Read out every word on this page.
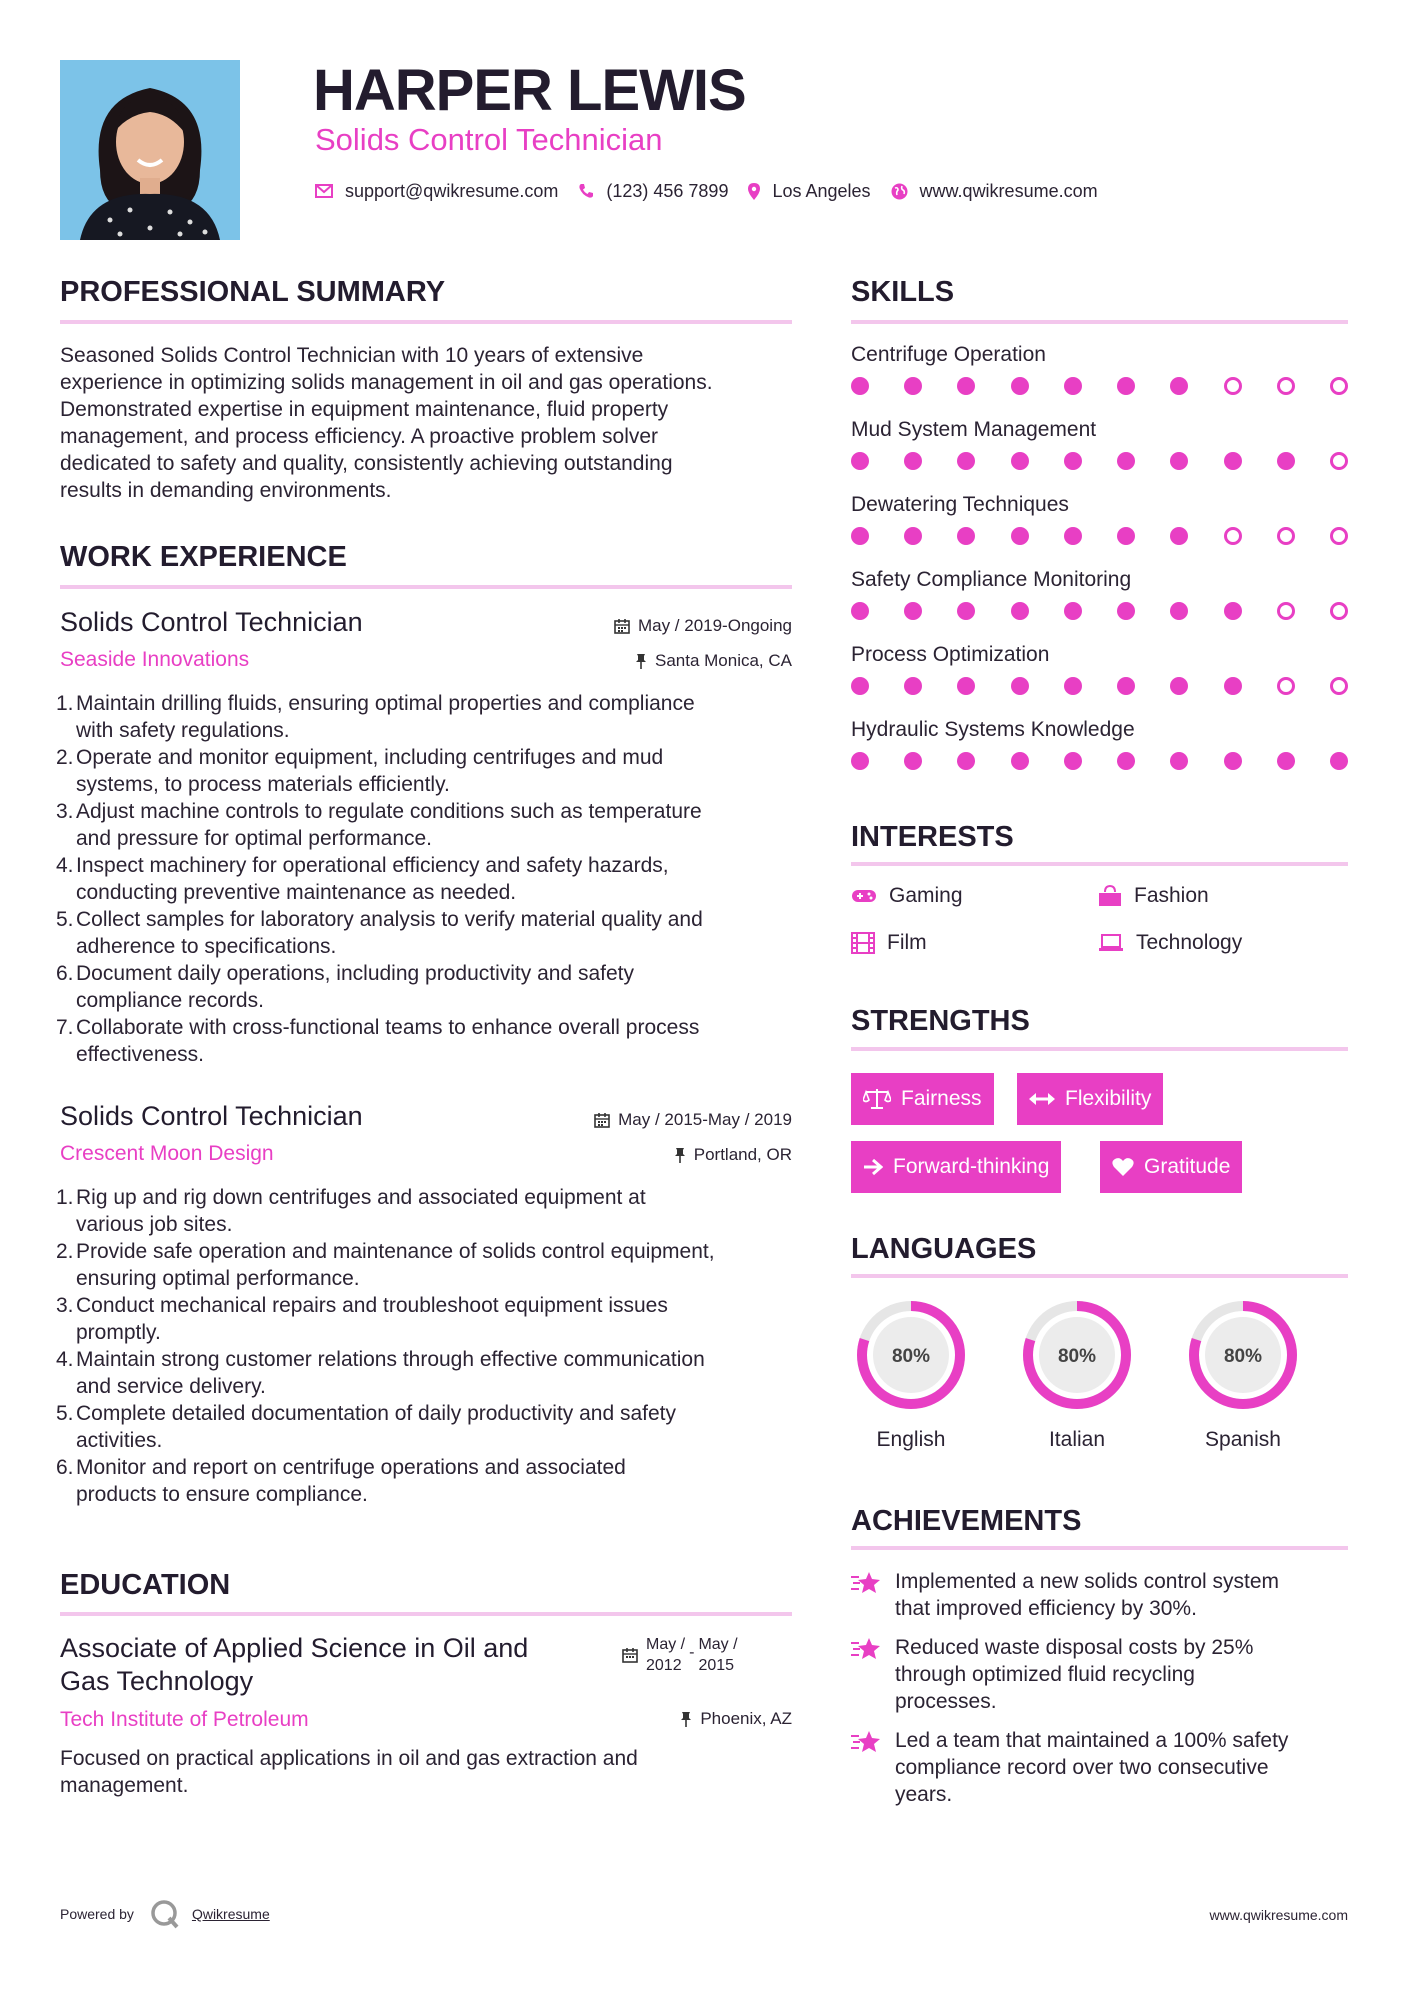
HARPER LEWIS
Solids Control Technician
support@qwikresume.com	(123) 456 7899 Los Angeles	www.qwikresume.com
PROFESSIONAL SUMMARY
Seasoned Solids Control Technician with 10 years of extensive
experience in optimizing solids management in oil and gas operations.
Demonstrated expertise in equipment maintenance, fluid property
management, and process efficiency. A proactive problem solver
dedicated to safety and quality, consistently achieving outstanding
results in demanding environments.
WORK EXPERIENCE
Solids Control Technician	May / 2019-Ongoing
Seaside Innovations	Santa Monica, CA
1. Maintain drilling fluids, ensuring optimal properties and compliance
with safety regulations.
2. Operate and monitor equipment, including centrifuges and mud
systems, to process materials efficiently.
3. Adjust machine controls to regulate conditions such as temperature
and pressure for optimal performance.
4. Inspect machinery for operational efficiency and safety hazards,
conducting preventive maintenance as needed.
5. Collect samples for laboratory analysis to verify material quality and
adherence to specifications.
6. Document daily operations, including productivity and safety
compliance records.
7. Collaborate with cross-functional teams to enhance overall process
effectiveness.
Solids Control Technician	May / 2015-May / 2019
Crescent Moon Design	Portland, OR
1. Rig up and rig down centrifuges and associated equipment at
various job sites.
2. Provide safe operation and maintenance of solids control equipment,
ensuring optimal performance.
3. Conduct mechanical repairs and troubleshoot equipment issues
promptly.
4. Maintain strong customer relations through effective communication
and service delivery.
5. Complete detailed documentation of daily productivity and safety
activities.
6. Monitor and report on centrifuge operations and associated
products to ensure compliance.
EDUCATION
Associate of Applied Science in Oil and
Gas Technology
May /
2012
- May /
2015
Tech Institute of Petroleum	Phoenix, AZ
Focused on practical applications in oil and gas extraction and
management.
SKILLS
Centrifuge Operation
Mud System Management
Dewatering Techniques
Safety Compliance Monitoring
Process Optimization
Hydraulic Systems Knowledge
INTERESTS
Gaming	Fashion
Film	Technology
STRENGTHS
Fairness	Flexibility
Forward-thinking	Gratitude
LANGUAGES
80%
English
80%
Italian
80%
Spanish
ACHIEVEMENTS
Implemented a new solids control system
that improved efficiency by 30%.
Reduced waste disposal costs by 25%
through optimized fluid recycling
processes.
Led a team that maintained a 100% safety
compliance record over two consecutive
years.
Powered by	Qwikresume	www.qwikresume.com
